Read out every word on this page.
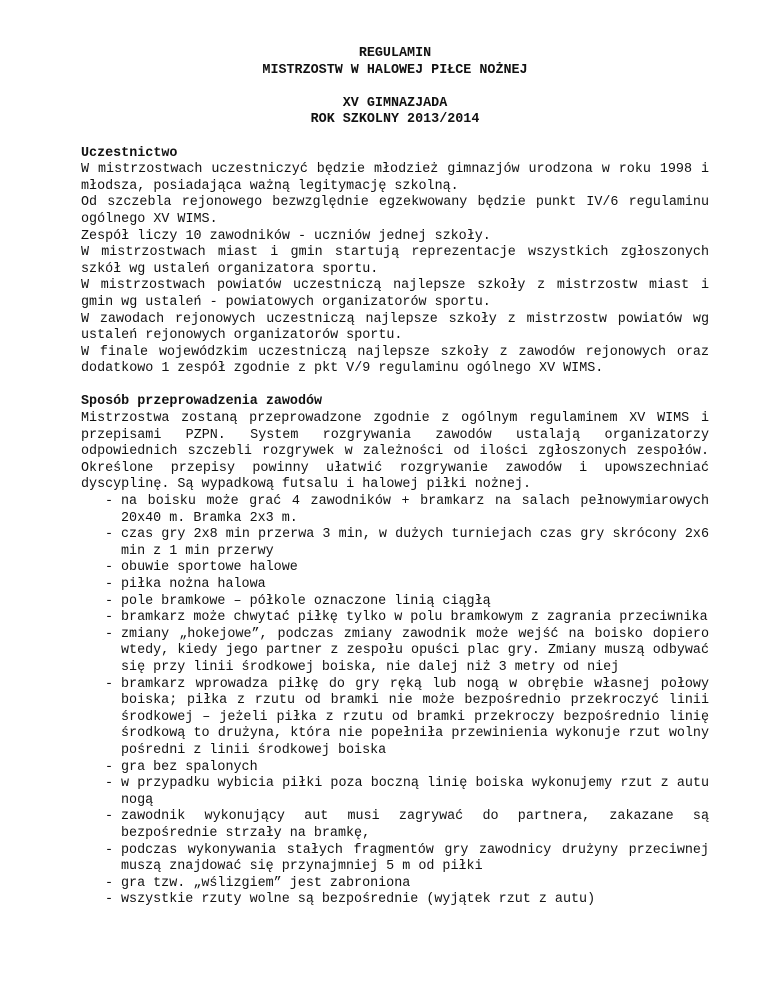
REGULAMIN

MISTRZOSTW W HALOWEJ PIŁCE NOŻNEJ

XV GIMNAZJADA

ROK SZKOLNY 2013/2014

Uczestnictwo

W mistrzostwach uczestniczyć będzie młodzież gimnazjów urodzona w roku 1998 i młodsza, posiadająca ważną legitymację szkolną.

Od szczebla rejonowego bezwzględnie egzekwowany będzie punkt IV/6 regulaminu ogólnego XV WIMS.

Zespół liczy 10 zawodników - uczniów jednej szkoły.

W mistrzostwach miast i gmin startują reprezentacje wszystkich zgłoszonych szkół wg ustaleń organizatora sportu.

W mistrzostwach powiatów uczestniczą najlepsze szkoły z mistrzostw miast i gmin wg ustaleń - powiatowych organizatorów sportu.

W zawodach rejonowych uczestniczą najlepsze szkoły z mistrzostw powiatów wg ustaleń rejonowych organizatorów sportu.

W finale wojewódzkim uczestniczą najlepsze szkoły z zawodów rejonowych oraz dodatkowo 1 zespół zgodnie z pkt V/9 regulaminu ogólnego XV WIMS.

Sposób przeprowadzenia zawodów

Mistrzostwa zostaną przeprowadzone zgodnie z ogólnym regulaminem XV WIMS i przepisami PZPN. System rozgrywania zawodów ustalają organizatorzy odpowiednich szczebli rozgrywek w zależności od ilości zgłoszonych zespołów. Określone przepisy powinny ułatwić rozgrywanie zawodów i upowszechniać dyscyplinę. Są wypadkową futsalu i halowej piłki nożnej.

- na boisku może grać 4 zawodników + bramkarz na salach pełnowymiarowych 20x40 m. Bramka 2x3 m.
- czas gry 2x8 min przerwa 3 min, w dużych turniejach czas gry skrócony 2x6 min z 1 min przerwy
- obuwie sportowe halowe
- piłka nożna halowa
- pole bramkowe – półkole oznaczone linią ciągłą
- bramkarz może chwytać piłkę tylko w polu bramkowym z zagrania przeciwnika
- zmiany „hokejowe”, podczas zmiany zawodnik może wejść na boisko dopiero wtedy, kiedy jego partner z zespołu opuści plac gry. Zmiany muszą odbywać się przy linii środkowej boiska, nie dalej niż 3 metry od niej
- bramkarz wprowadza piłkę do gry ręką lub nogą w obrębie własnej połowy boiska; piłka z rzutu od bramki nie może bezpośrednio przekroczyć linii środkowej – jeżeli piłka z rzutu od bramki przekroczy bezpośrednio linię środkową to drużyna, która nie popełniła przewinienia wykonuje rzut wolny pośredni z linii środkowej boiska
- gra bez spalonych
- w przypadku wybicia piłki poza boczną linię boiska wykonujemy rzut z autu nogą
- zawodnik wykonujący aut musi zagrywać do partnera, zakazane są bezpośrednie strzały na bramkę,
- podczas wykonywania stałych fragmentów gry zawodnicy drużyny przeciwnej muszą znajdować się przynajmniej 5 m od piłki
- gra tzw. „wślizgiem” jest zabroniona
- wszystkie rzuty wolne są bezpośrednie (wyjątek rzut z autu)
